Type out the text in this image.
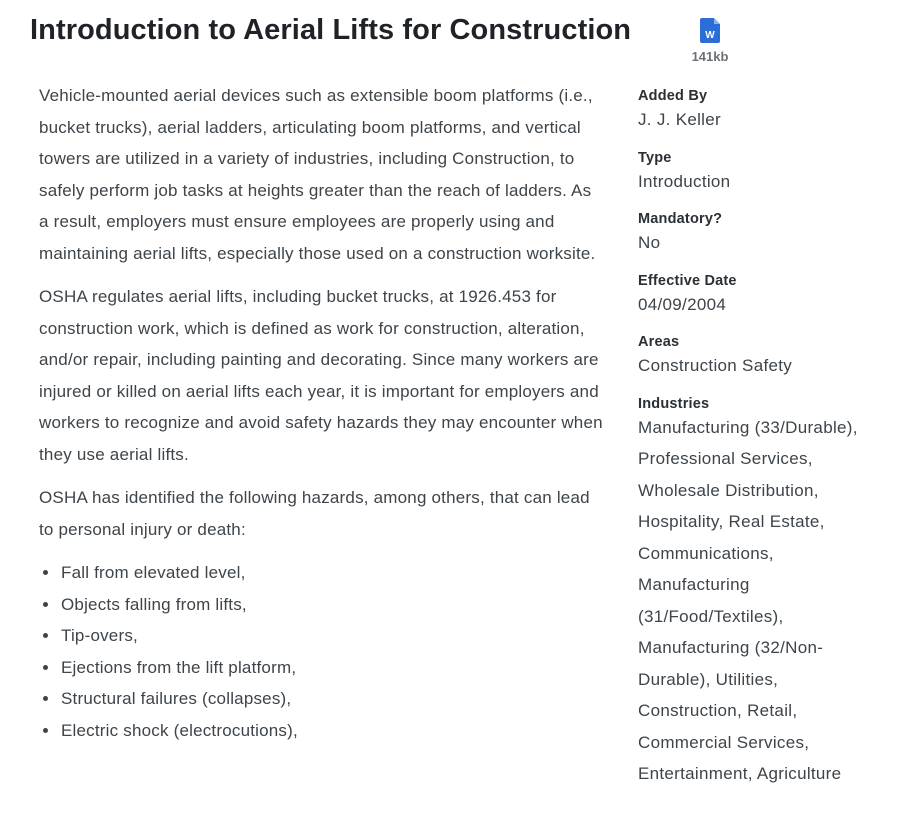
Introduction to Aerial Lifts for Construction	W
141kb

Vehicle-mounted aerial devices such as extensible boom platforms (i.e., bucket trucks), aerial ladders, articulating boom platforms, and vertical towers are utilized in a variety of industries, including Construction, to safely perform job tasks at heights greater than the reach of ladders. As a result, employers must ensure employees are properly using and maintaining aerial lifts, especially those used on a construction worksite.

OSHA regulates aerial lifts, including bucket trucks, at 1926.453 for construction work, which is defined as work for construction, alteration, and/or repair, including painting and decorating. Since many workers are injured or killed on aerial lifts each year, it is important for employers and workers to recognize and avoid safety hazards they may encounter when they use aerial lifts.

OSHA has identified the following hazards, among others, that can lead to personal injury or death:

Fall from elevated level,
Objects falling from lifts,
Tip-overs,
Ejections from the lift platform,
Structural failures (collapses),
Electric shock (electrocutions),
Added By
J. J. Keller
Type
Introduction
Mandatory?
No
Effective Date
04/09/2004
Areas
Construction Safety
Industries
Manufacturing (33/Durable),
Professional Services,
Wholesale Distribution,
Hospitality, Real Estate,
Communications,
Manufacturing
(31/Food/Textiles),
Manufacturing (32/Non-
Durable), Utilities,
Construction, Retail,
Commercial Services,
Entertainment, Agriculture
